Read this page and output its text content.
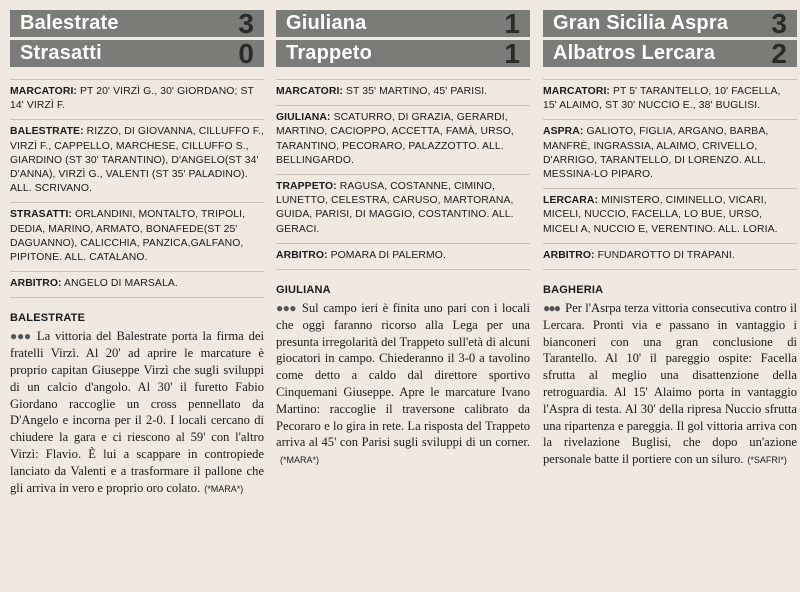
Balestrate	3
Strasatti	0
MARCATORI: PT 20' VIRZÌ G., 30' GIORDANO; ST 14' VIRZÌ F.
BALESTRATE: RIZZO, DI GIOVANNA, CILLUFFO F., VIRZÌ F., CAPPELLO, MARCHESE, CILLUFFO S., GIARDINO (ST 30' TARANTINO), D'ANGELO(ST 34' D'ANNA), VIRZÌ G., VALENTI (ST 35' PALADINO). ALL. SCRIVANO.
STRASATTI: ORLANDINI, MONTALTO, TRIPOLI, DEDIA, MARINO, ARMATO, BONAFEDE(ST 25' DAGUANNO), CALICCHIA, PANZICA,GALFANO, PIPITONE. ALL. CATALANO.
ARBITRO: ANGELO DI MARSALA.
BALESTRATE
●●● La vittoria del Balestrate porta la firma dei fratelli Virzì. Al 20' ad aprire le marcature è proprio capitan Giuseppe Virzì che sugli sviluppi di un calcio d'angolo. Al 30' il furetto Fabio Giordano raccoglie un cross pennellato da D'Angelo e incorna per il 2-0. I locali cercano di chiudere la gara e ci riescono al 59' con l'altro Virzì: Flavio. È lui a scappare in contropiede lanciato da Valenti e a trasformare il pallone che gli arriva in vero e proprio oro colato. (*MARA*)
Giuliana	1
Trappeto	1
MARCATORI: ST 35' MARTINO, 45' PARISI.
GIULIANA: SCATURRO, DI GRAZIA, GERARDI, MARTINO, CACIOPPO, ACCETTA, FAMÀ, URSO, TARANTINO, PECORARO, PALAZZOTTO. ALL. BELLINGARDO.
TRAPPETO: RAGUSA, COSTANNE, CIMINO, LUNETTO, CELESTRA, CARUSO, MARTORANA, GUIDA, PARISI, DI MAGGIO, COSTANTINO. ALL. GERACI.
ARBITRO: POMARA DI PALERMO.
GIULIANA
●●● Sul campo ieri è finita uno pari con i locali che oggi faranno ricorso alla Lega per una presunta irregolarità del Trappeto sull'età di alcuni giocatori in campo. Chiederanno il 3-0 a tavolino come detto a caldo dal direttore sportivo Cinquemani Giuseppe. Apre le marcature Ivano Martino: raccoglie il traversone calibrato da Pecoraro e lo gira in rete. La risposta del Trappeto arriva al 45' con Parisi sugli sviluppi di un corner.(*MARA*)
Gran Sicilia Aspra 3
Albatros Lercara 2
MARCATORI: PT 5' TARANTELLO, 10' FACELLA, 15' ALAIMO, ST 30' NUCCIO E., 38' BUGLISI.
ASPRA: GALIOTO, FIGLIA, ARGANO, BARBA, MANFRÈ, INGRASSIA, ALAIMO, CRIVELLO, D'ARRIGO, TARANTELLO, DI LORENZO. ALL. MESSINA-LO PIPARO.
LERCARA: MINISTERO, CIMINELLO, VICARI, MICELI, NUCCIO, FACELLA, LO BUE, URSO, MICELI A, NUCCIO E, VERENTINO. ALL. LORIA.
ARBITRO: FUNDAROTTO DI TRAPANI.
BAGHERIA
●●● Per l'Asrpa terza vittoria consecutiva contro il Lercara. Pronti via e passano in vantaggio i bianconeri con una gran conclusione di Tarantello. Al 10' il pareggio ospite: Facella sfrutta al meglio una disattenzione della retroguardia. Al 15' Alaimo porta in vantaggio l'Aspra di testa. Al 30' della ripresa Nuccio sfrutta una ripartenza e pareggia. Il gol vittoria arriva con la rivelazione Buglisi, che dopo un'azione personale batte il portiere con un siluro. (*SAFRI*)
